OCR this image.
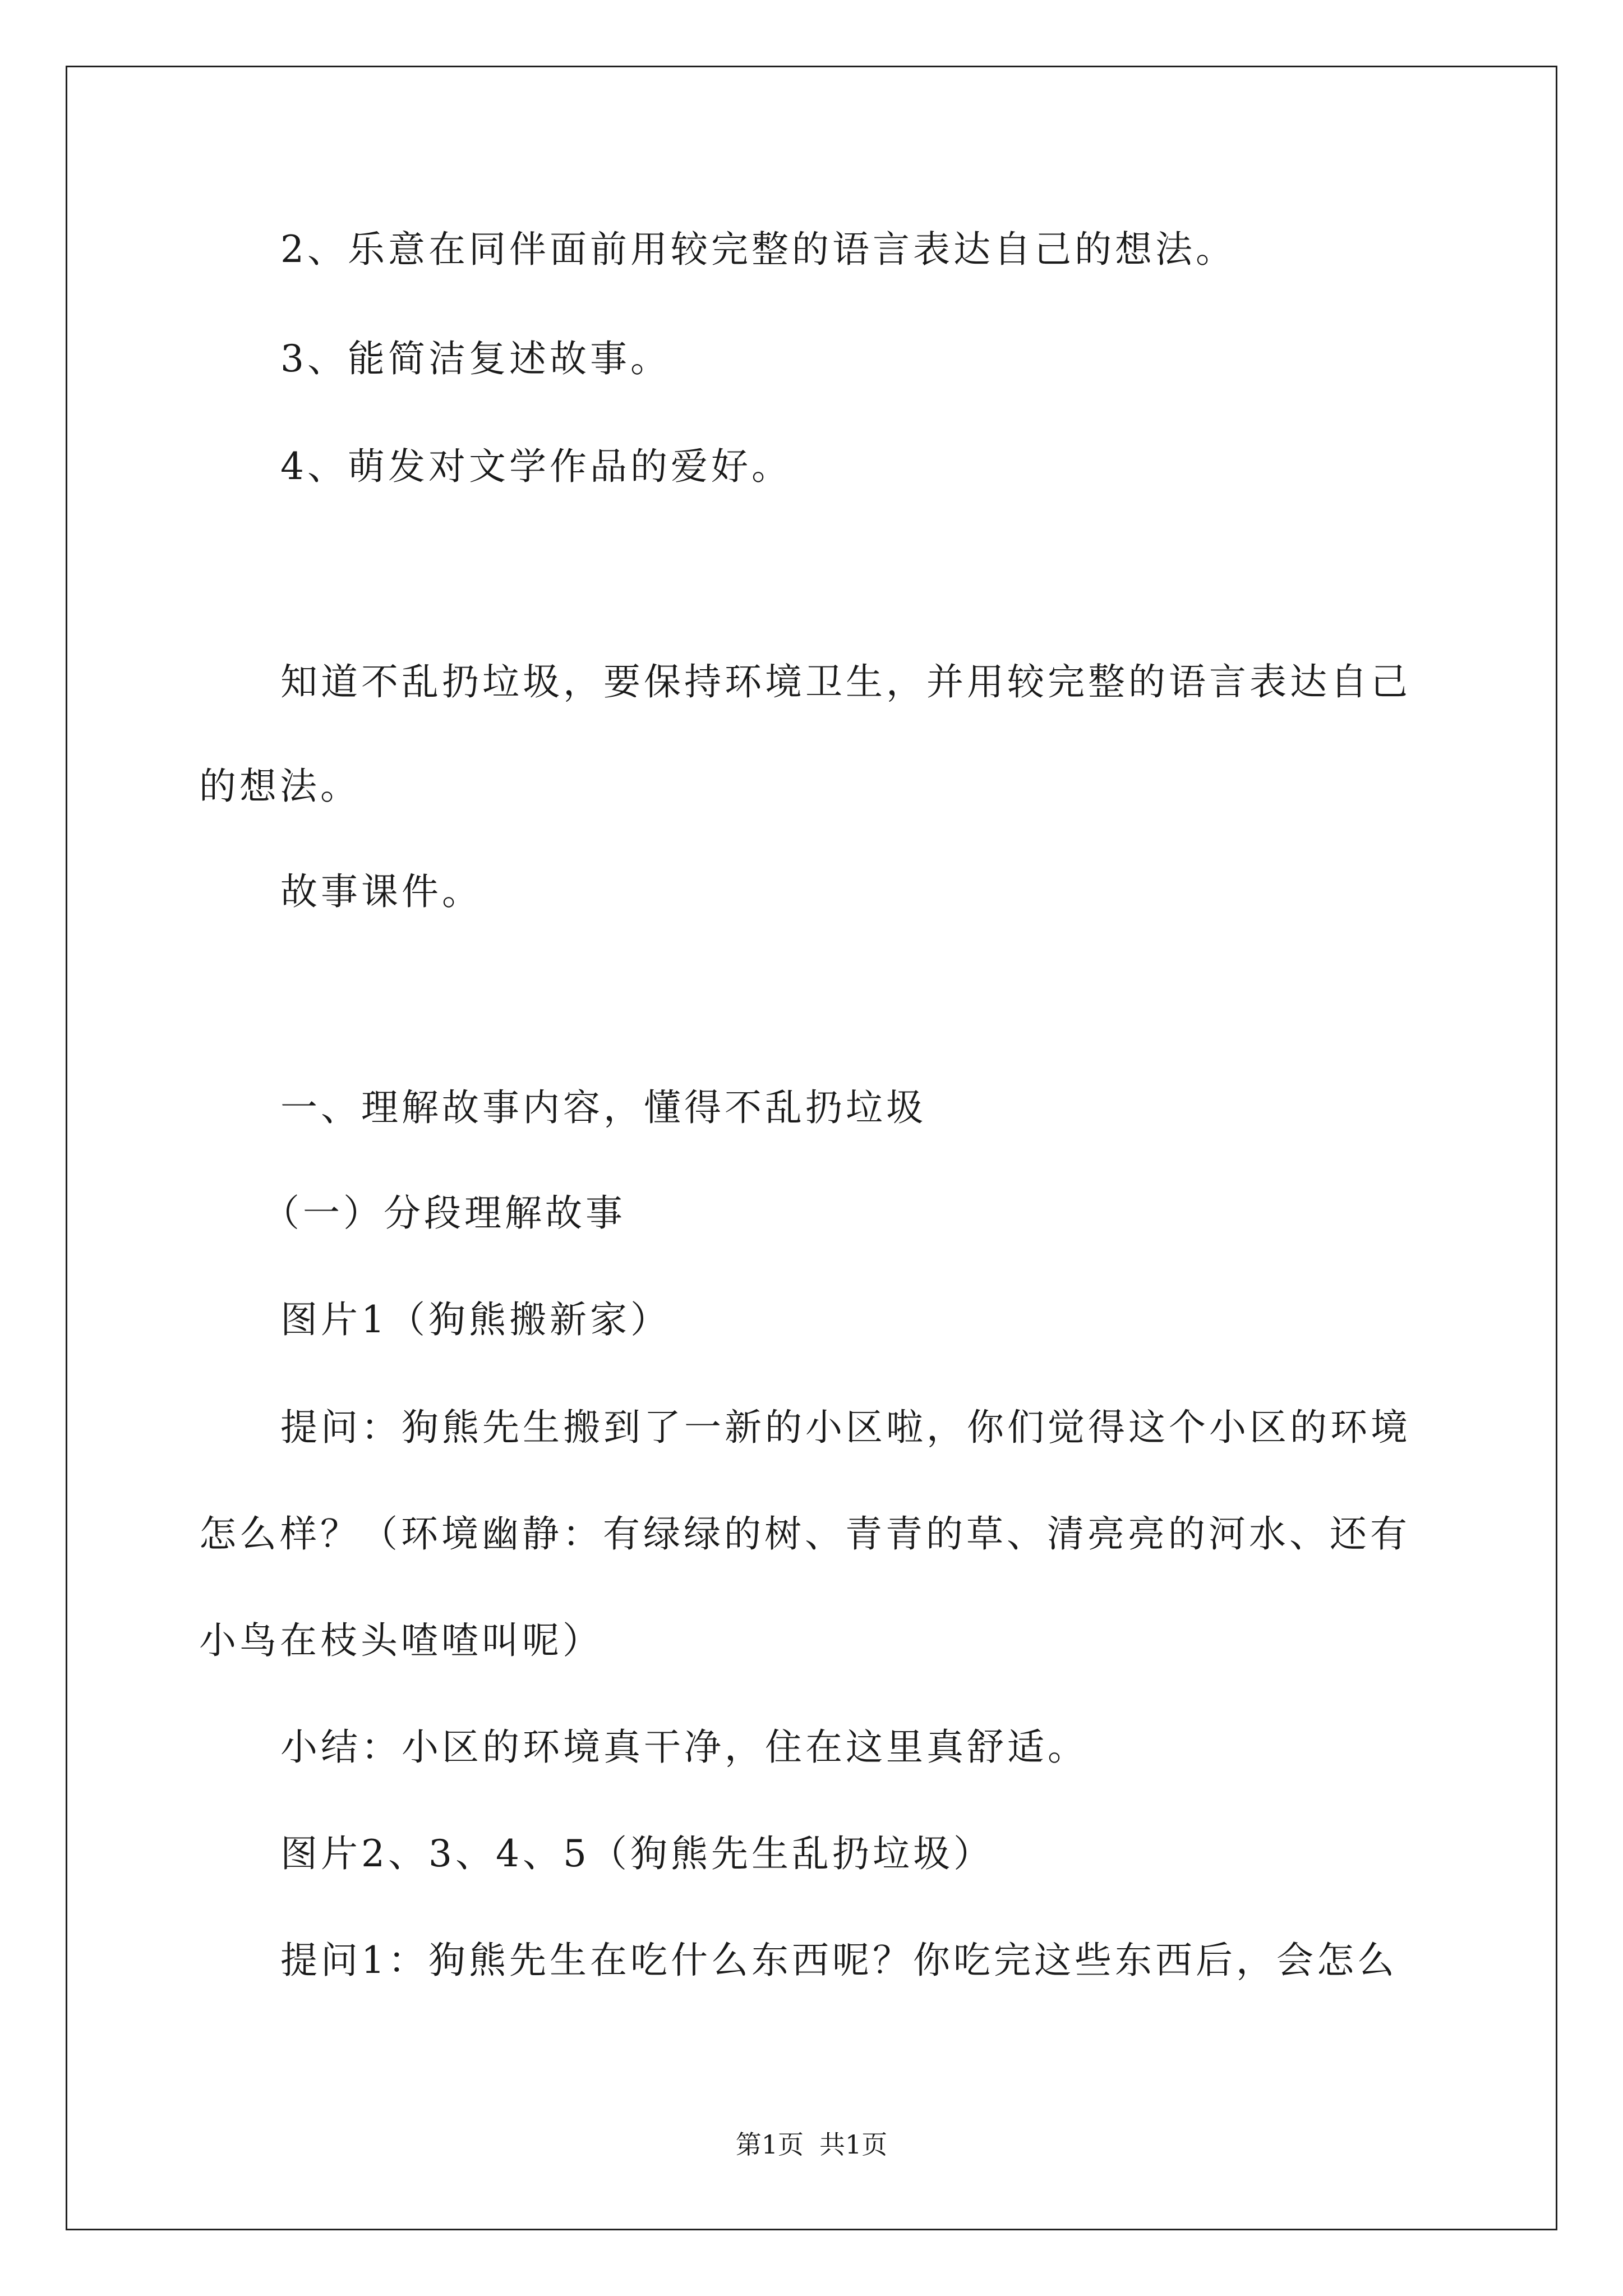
2、乐意在同伴面前用较完整的语言表达自己的想法。
3、能简洁复述故事。
4、萌发对文学作品的爱好。
知道不乱扔垃圾，要保持环境卫生，并用较完整的语言表达自己
的想法。
故事课件。
一、理解故事内容，懂得不乱扔垃圾
（一）分段理解故事
图片1（狗熊搬新家）
提问：狗熊先生搬到了一新的小区啦，你们觉得这个小区的环境
怎么样？（环境幽静：有绿绿的树、青青的草、清亮亮的河水、还有
小鸟在枝头喳喳叫呢）
小结：小区的环境真干净，住在这里真舒适。
图片2、3、4、5（狗熊先生乱扔垃圾）
提问1：狗熊先生在吃什么东西呢？你吃完这些东西后，会怎么
第1页 共1页
